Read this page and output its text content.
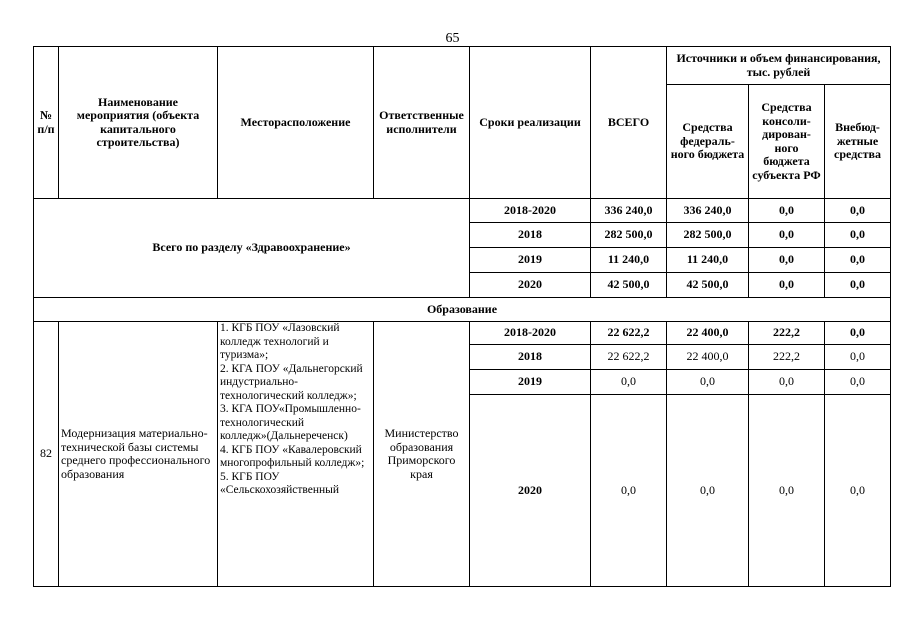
65
№ п/п	Наименование мероприятия (объекта капитального строительства)	Месторасположение	Ответственные исполнители	Сроки реализации	ВСЕГО	Источники и объем финансирования, тыс. рублей		
						Средства федераль-ного бюджета	Средства консоли-дирован-ного бюджета субъекта РФ	Внебюд-жетные средства
Всего по разделу «Здравоохранение»				2018-2020	336 240,0	336 240,0	0,0	0,0
				2018	282 500,0	282 500,0	0,0	0,0
				2019	11 240,0	11 240,0	0,0	0,0
				2020	42 500,0	42 500,0	0,0	0,0
Образование								
82	Модернизация материально-технической базы системы среднего профессионального образования	1. КГБ ПОУ «Лазовский колледж технологий и туризма»;
2. КГА ПОУ «Дальнегорский индустриально-технологический колледж»;
3. КГА ПОУ«Промышленно-технологический колледж»(Дальнереченск)
4. КГБ ПОУ «Кавалеровский многопрофильный колледж»;
5. КГБ ПОУ «Сельскохозяйственный	Министерство образования Приморского края	2018-2020	22 622,2	22 400,0	222,2	0,0
				2018	22 622,2	22 400,0	222,2	0,0
				2019	0,0	0,0	0,0	0,0
				2020	0,0	0,0	0,0	0,0
